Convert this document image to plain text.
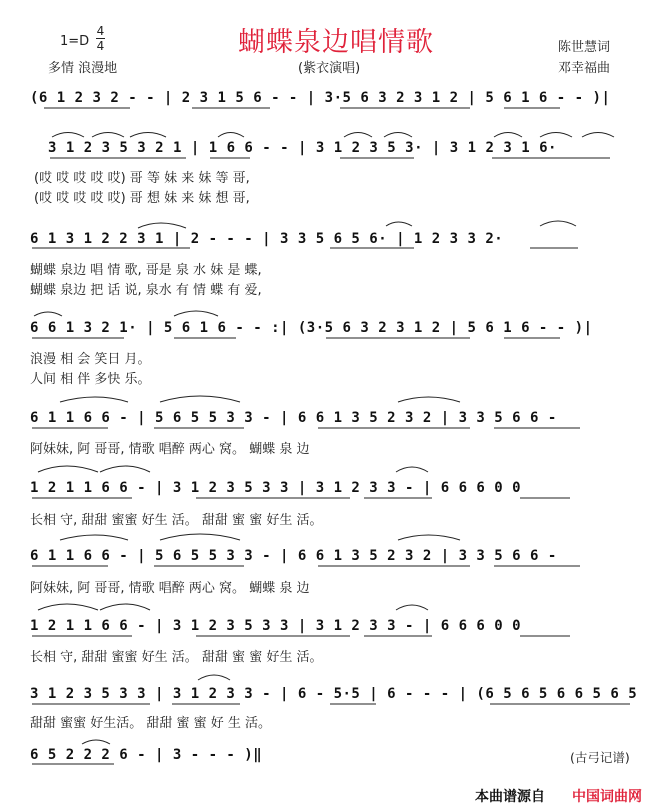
1=D
4
4	蝴蝶泉边唱情歌
多情 浪漫地	(紫衣演唱)
陈世慧词
邓幸福曲
(6 1 2 3 2 - - | 2 3 1 5 6 - - | 3·5 6 3 2 3 1 2 | 5 6 1 6 - - )|
3 1 2 3 5 3 2 1 | 1 6 6 - - | 3 1 2 3 5 3· | 3 1 2 3 1 6·
(哎 哎 哎 哎 哎) 哥 等 妹 来 妹 等 哥,
(哎 哎 哎 哎 哎) 哥 想 妹 来 妹 想 哥,
6 1 3 1 2 2 3 1 | 2 - - - | 3 3 5 6 5 6· | 1 2 3 3 2·
蝴蝶 泉边 唱 情 歌, 哥是 泉 水 妹 是 蝶,
蝴蝶 泉边 把 话 说, 泉水 有 情 蝶 有 爱,
6 6 1 3 2 1· | 5 6 1 6 - - :| (3·5 6 3 2 3 1 2 | 5 6 1 6 - - )|
浪漫 相 会 笑日 月。
人间 相 伴 多快 乐。
6 1 1 6 6 - | 5 6 5 5 3 3 - | 6 6 1 3 5 2 3 2 | 3 3 5 6 6 -
阿妹妹, 阿 哥哥, 情歌 唱醉 两心 窝。 蝴蝶 泉 边
1 2 1 1 6 6 - | 3 1 2 3 5 3 3 | 3 1 2 3 3 - | 6 6 6 0 0
长相 守, 甜甜 蜜蜜 好生 活。 甜甜 蜜 蜜 好生 活。
6 1 1 6 6 - | 5 6 5 5 3 3 - | 6 6 1 3 5 2 3 2 | 3 3 5 6 6 -
阿妹妹, 阿 哥哥, 情歌 唱醉 两心 窝。 蝴蝶 泉 边
1 2 1 1 6 6 - | 3 1 2 3 5 3 3 | 3 1 2 3 3 - | 6 6 6 0 0
长相 守, 甜甜 蜜蜜 好生 活。 甜甜 蜜 蜜 好生 活。
3 1 2 3 5 3 3 | 3 1 2 3 3 - | 6 - 5·5 | 6 - - - | (6 5 6 5 6 6 5 6 5
甜甜 蜜蜜 好生活。 甜甜 蜜 蜜 好 生 活。
6 5 2 2 2 6 - | 3 - - - )‖	(古弓记谱)
本曲谱源自 中国词曲网
